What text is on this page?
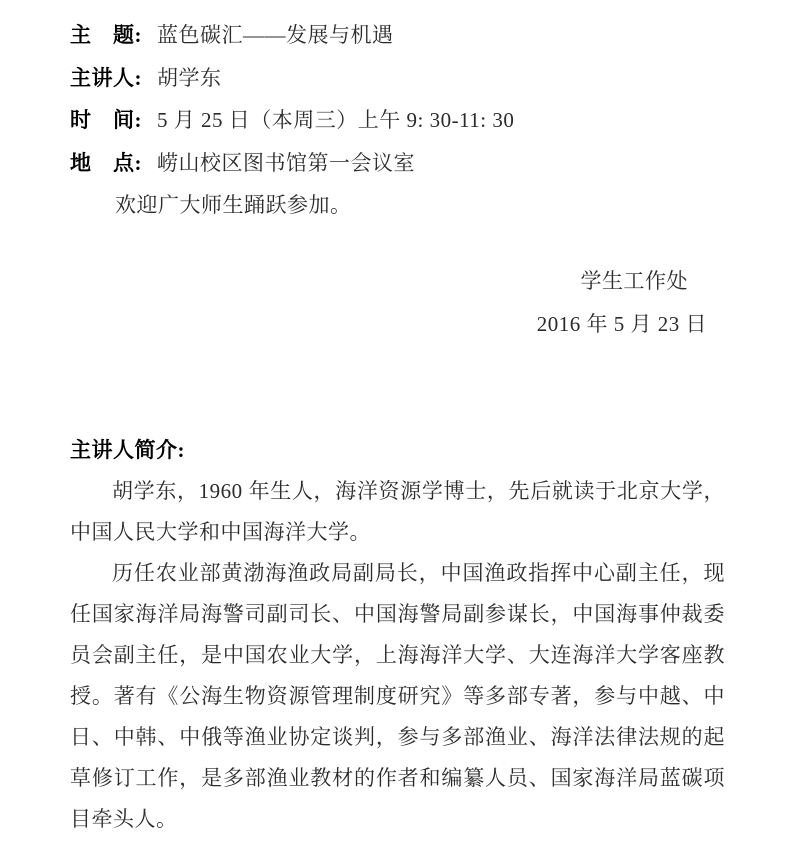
主　题: 蓝色碳汇——发展与机遇
主讲人: 胡学东
时　间: 5 月 25 日（本周三）上午 9: 30-11: 30
地　点: 崂山校区图书馆第一会议室
欢迎广大师生踊跃参加。
学生工作处
2016 年 5 月 23 日
主讲人简介:

胡学东，1960 年生人，海洋资源学博士，先后就读于北京大学，中国人民大学和中国海洋大学。

历任农业部黄渤海渔政局副局长，中国渔政指挥中心副主任，现任国家海洋局海警司副司长、中国海警局副参谋长，中国海事仲裁委员会副主任，是中国农业大学，上海海洋大学、大连海洋大学客座教授。著有《公海生物资源管理制度研究》等多部专著，参与中越、中日、中韩、中俄等渔业协定谈判，参与多部渔业、海洋法律法规的起草修订工作，是多部渔业教材的作者和编纂人员、国家海洋局蓝碳项目牵头人。
